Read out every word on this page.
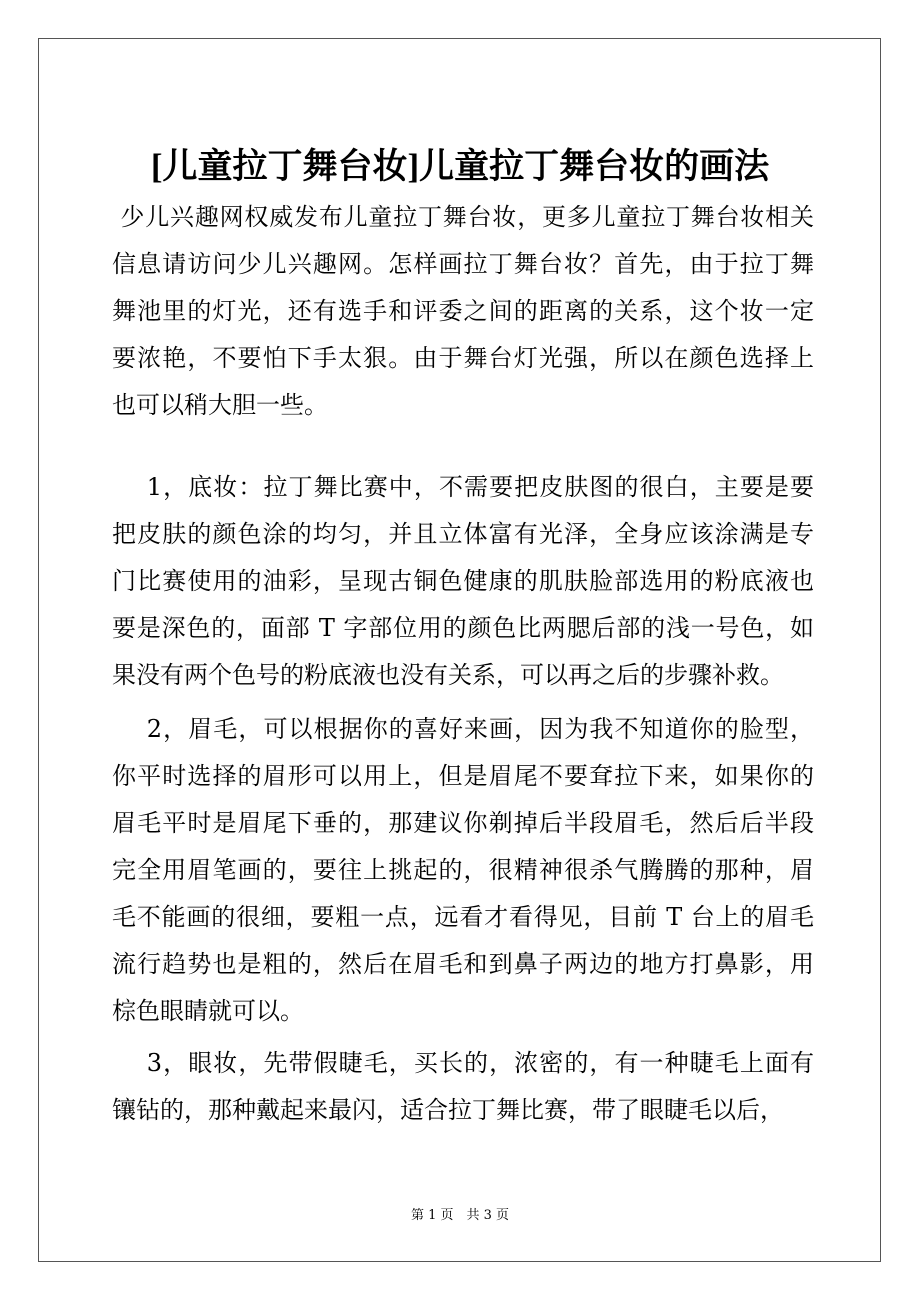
[儿童拉丁舞台妆]儿童拉丁舞台妆的画法
少儿兴趣网权威发布儿童拉丁舞台妆，更多儿童拉丁舞台妆相关
信息请访问少儿兴趣网。怎样画拉丁舞台妆？首先，由于拉丁舞
舞池里的灯光，还有选手和评委之间的距离的关系，这个妆一定
要浓艳，不要怕下手太狠。由于舞台灯光强，所以在颜色选择上
也可以稍大胆一些。
1，底妆：拉丁舞比赛中，不需要把皮肤图的很白，主要是要
把皮肤的颜色涂的均匀，并且立体富有光泽，全身应该涂满是专
门比赛使用的油彩，呈现古铜色健康的肌肤脸部选用的粉底液也
要是深色的，面部 T 字部位用的颜色比两腮后部的浅一号色，如
果没有两个色号的粉底液也没有关系，可以再之后的步骤补救。
2，眉毛，可以根据你的喜好来画，因为我不知道你的脸型，
你平时选择的眉形可以用上，但是眉尾不要耷拉下来，如果你的
眉毛平时是眉尾下垂的，那建议你剃掉后半段眉毛，然后后半段
完全用眉笔画的，要往上挑起的，很精神很杀气腾腾的那种，眉
毛不能画的很细，要粗一点，远看才看得见，目前 T 台上的眉毛
流行趋势也是粗的，然后在眉毛和到鼻子两边的地方打鼻影，用
棕色眼睛就可以。
3，眼妆，先带假睫毛，买长的，浓密的，有一种睫毛上面有
镶钻的，那种戴起来最闪，适合拉丁舞比赛，带了眼睫毛以后，
第 1 页　共 3 页
